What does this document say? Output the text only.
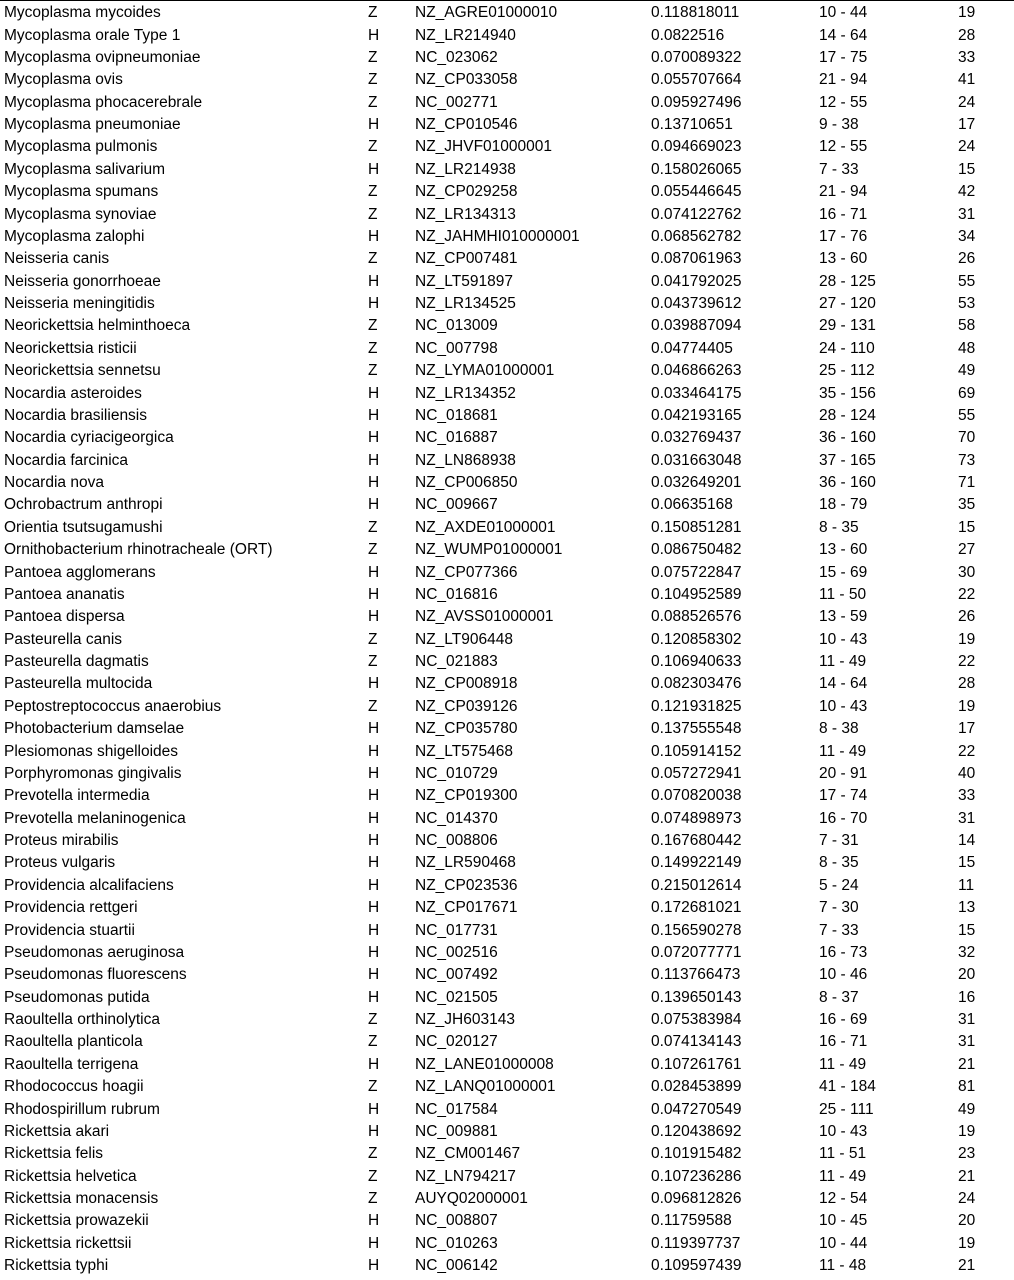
Mycoplasma mycoides	Z	NZ_AGRE01000010	0.118818011	10 - 44	19
Mycoplasma orale Type 1	H	NZ_LR214940	0.0822516	14 - 64	28
Mycoplasma ovipneumoniae	Z	NC_023062	0.070089322	17 - 75	33
Mycoplasma ovis	Z	NZ_CP033058	0.055707664	21 - 94	41
Mycoplasma phocacerebrale	Z	NC_002771	0.095927496	12 - 55	24
Mycoplasma pneumoniae	H	NZ_CP010546	0.13710651	9 - 38	17
Mycoplasma pulmonis	Z	NZ_JHVF01000001	0.094669023	12 - 55	24
Mycoplasma salivarium	H	NZ_LR214938	0.158026065	7 - 33	15
Mycoplasma spumans	Z	NZ_CP029258	0.055446645	21 - 94	42
Mycoplasma synoviae	Z	NZ_LR134313	0.074122762	16 - 71	31
Mycoplasma zalophi	H	NZ_JAHMHI010000001	0.068562782	17 - 76	34
Neisseria canis	Z	NZ_CP007481	0.087061963	13 - 60	26
Neisseria gonorrhoeae	H	NZ_LT591897	0.041792025	28 - 125	55
Neisseria meningitidis	H	NZ_LR134525	0.043739612	27 - 120	53
Neorickettsia helminthoeca	Z	NC_013009	0.039887094	29 - 131	58
Neorickettsia risticii	Z	NC_007798	0.04774405	24 - 110	48
Neorickettsia sennetsu	Z	NZ_LYMA01000001	0.046866263	25 - 112	49
Nocardia asteroides	H	NZ_LR134352	0.033464175	35 - 156	69
Nocardia brasiliensis	H	NC_018681	0.042193165	28 - 124	55
Nocardia cyriacigeorgica	H	NC_016887	0.032769437	36 - 160	70
Nocardia farcinica	H	NZ_LN868938	0.031663048	37 - 165	73
Nocardia nova	H	NZ_CP006850	0.032649201	36 - 160	71
Ochrobactrum anthropi	H	NC_009667	0.06635168	18 - 79	35
Orientia tsutsugamushi	Z	NZ_AXDE01000001	0.150851281	8 - 35	15
Ornithobacterium rhinotracheale (ORT)	Z	NZ_WUMP01000001	0.086750482	13 - 60	27
Pantoea agglomerans	H	NZ_CP077366	0.075722847	15 - 69	30
Pantoea ananatis	H	NC_016816	0.104952589	11 - 50	22
Pantoea dispersa	H	NZ_AVSS01000001	0.088526576	13 - 59	26
Pasteurella canis	Z	NZ_LT906448	0.120858302	10 - 43	19
Pasteurella dagmatis	Z	NC_021883	0.106940633	11 - 49	22
Pasteurella multocida	H	NZ_CP008918	0.082303476	14 - 64	28
Peptostreptococcus anaerobius	Z	NZ_CP039126	0.121931825	10 - 43	19
Photobacterium damselae	H	NZ_CP035780	0.137555548	8 - 38	17
Plesiomonas shigelloides	H	NZ_LT575468	0.105914152	11 - 49	22
Porphyromonas gingivalis	H	NC_010729	0.057272941	20 - 91	40
Prevotella intermedia	H	NZ_CP019300	0.070820038	17 - 74	33
Prevotella melaninogenica	H	NC_014370	0.074898973	16 - 70	31
Proteus mirabilis	H	NC_008806	0.167680442	7 - 31	14
Proteus vulgaris	H	NZ_LR590468	0.149922149	8 - 35	15
Providencia alcalifaciens	H	NZ_CP023536	0.215012614	5 - 24	11
Providencia rettgeri	H	NZ_CP017671	0.172681021	7 - 30	13
Providencia stuartii	H	NC_017731	0.156590278	7 - 33	15
Pseudomonas aeruginosa	H	NC_002516	0.072077771	16 - 73	32
Pseudomonas fluorescens	H	NC_007492	0.113766473	10 - 46	20
Pseudomonas putida	H	NC_021505	0.139650143	8 - 37	16
Raoultella orthinolytica	Z	NZ_JH603143	0.075383984	16 - 69	31
Raoultella planticola	Z	NC_020127	0.074134143	16 - 71	31
Raoultella terrigena	H	NZ_LANE01000008	0.107261761	11 - 49	21
Rhodococcus hoagii	Z	NZ_LANQ01000001	0.028453899	41 - 184	81
Rhodospirillum rubrum	H	NC_017584	0.047270549	25 - 111	49
Rickettsia akari	H	NC_009881	0.120438692	10 - 43	19
Rickettsia felis	Z	NZ_CM001467	0.101915482	11 - 51	23
Rickettsia helvetica	Z	NZ_LN794217	0.107236286	11 - 49	21
Rickettsia monacensis	Z	AUYQ02000001	0.096812826	12 - 54	24
Rickettsia prowazekii	H	NC_008807	0.11759588	10 - 45	20
Rickettsia rickettsii	H	NC_010263	0.119397737	10 - 44	19
Rickettsia typhi	H	NC_006142	0.109597439	11 - 48	21
